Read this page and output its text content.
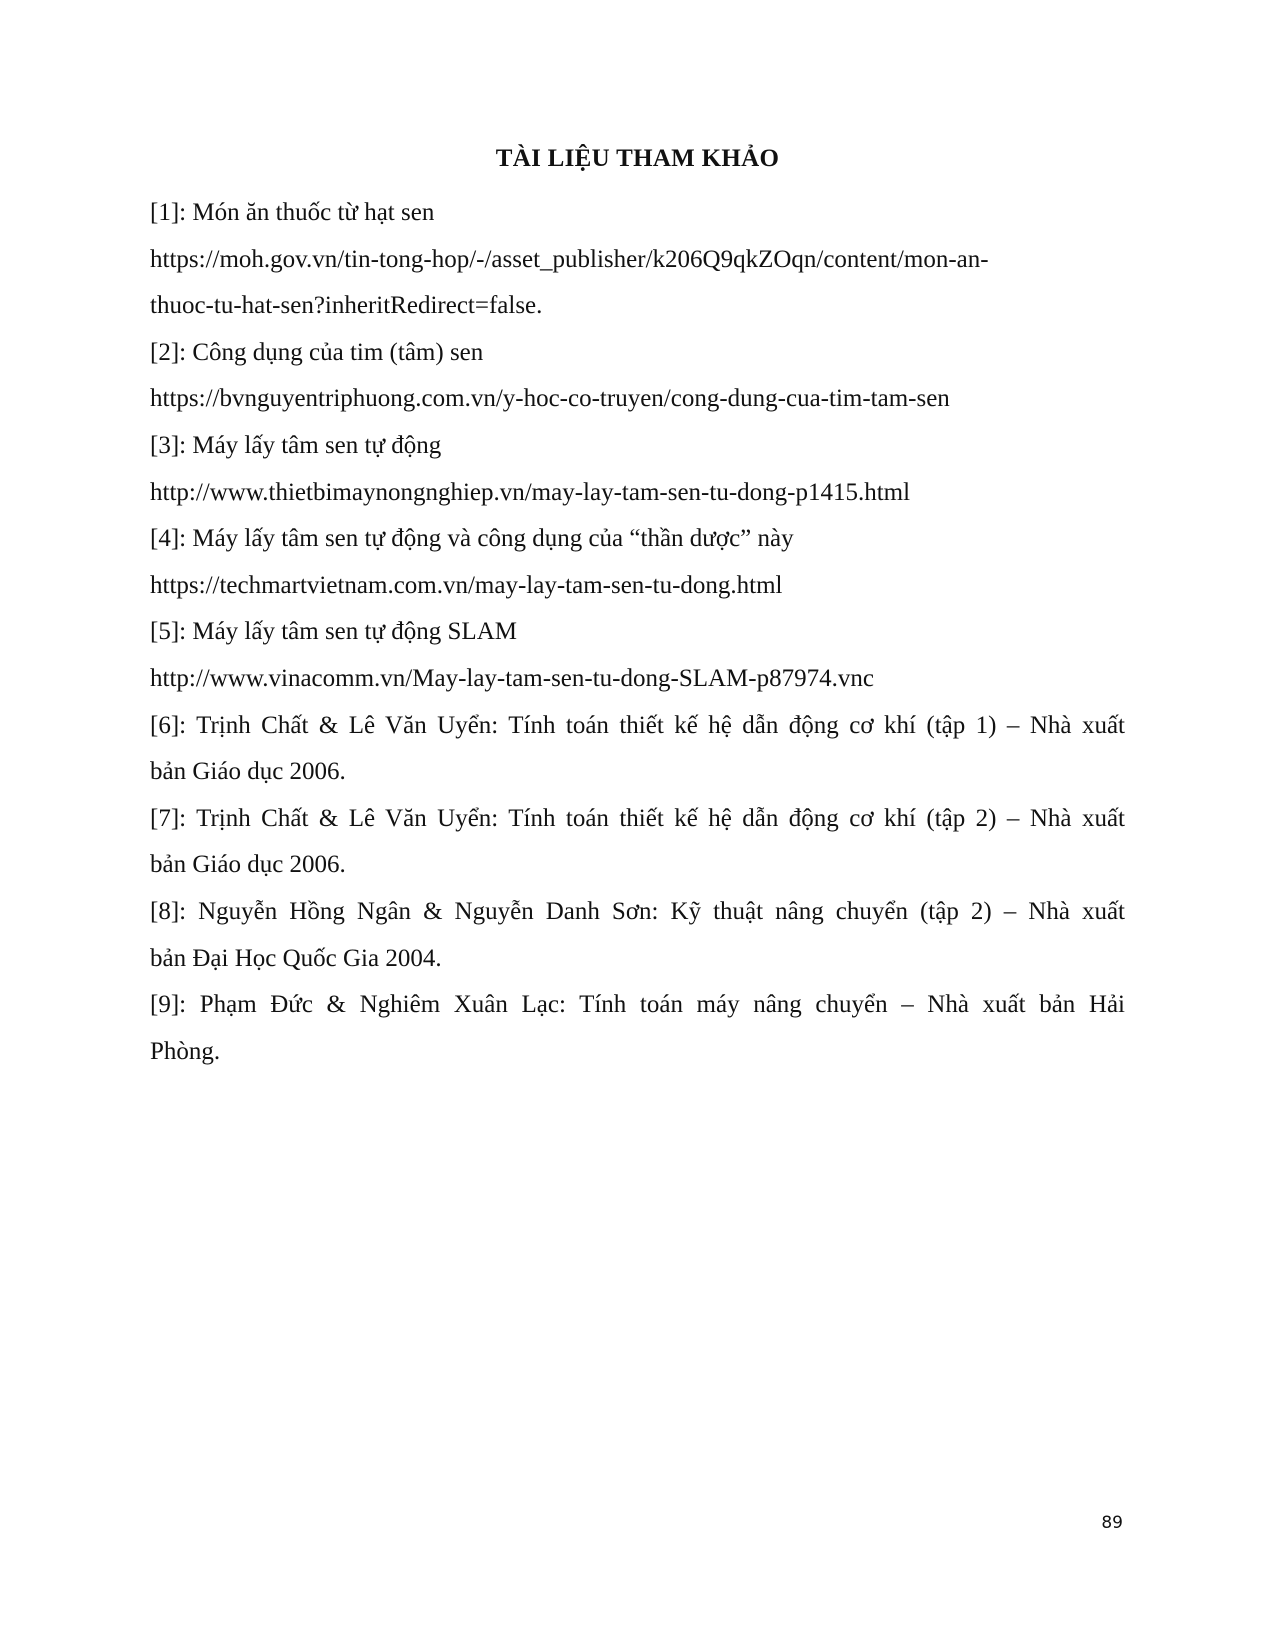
TÀI LIỆU THAM KHẢO

[1]: Món ăn thuốc từ hạt sen

https://moh.gov.vn/tin-tong-hop/-/asset_publisher/k206Q9qkZOqn/content/mon-an-

thuoc-tu-hat-sen?inheritRedirect=false.

[2]: Công dụng của tim (tâm) sen

https://bvnguyentriphuong.com.vn/y-hoc-co-truyen/cong-dung-cua-tim-tam-sen

[3]: Máy lấy tâm sen tự động

http://www.thietbimaynongnghiep.vn/may-lay-tam-sen-tu-dong-p1415.html

[4]: Máy lấy tâm sen tự động và công dụng của “thần dược” này

https://techmartvietnam.com.vn/may-lay-tam-sen-tu-dong.html

[5]: Máy lấy tâm sen tự động SLAM

http://www.vinacomm.vn/May-lay-tam-sen-tu-dong-SLAM-p87974.vnc

[6]: Trịnh Chất & Lê Văn Uyển: Tính toán thiết kế hệ dẫn động cơ khí (tập 1) – Nhà xuất

bản Giáo dục 2006.

[7]: Trịnh Chất & Lê Văn Uyển: Tính toán thiết kế hệ dẫn động cơ khí (tập 2) – Nhà xuất

bản Giáo dục 2006.

[8]: Nguyễn Hồng Ngân & Nguyễn Danh Sơn: Kỹ thuật nâng chuyển (tập 2) – Nhà xuất

bản Đại Học Quốc Gia 2004.

[9]: Phạm Đức & Nghiêm Xuân Lạc: Tính toán máy nâng chuyển – Nhà xuất bản Hải

Phòng.

89
